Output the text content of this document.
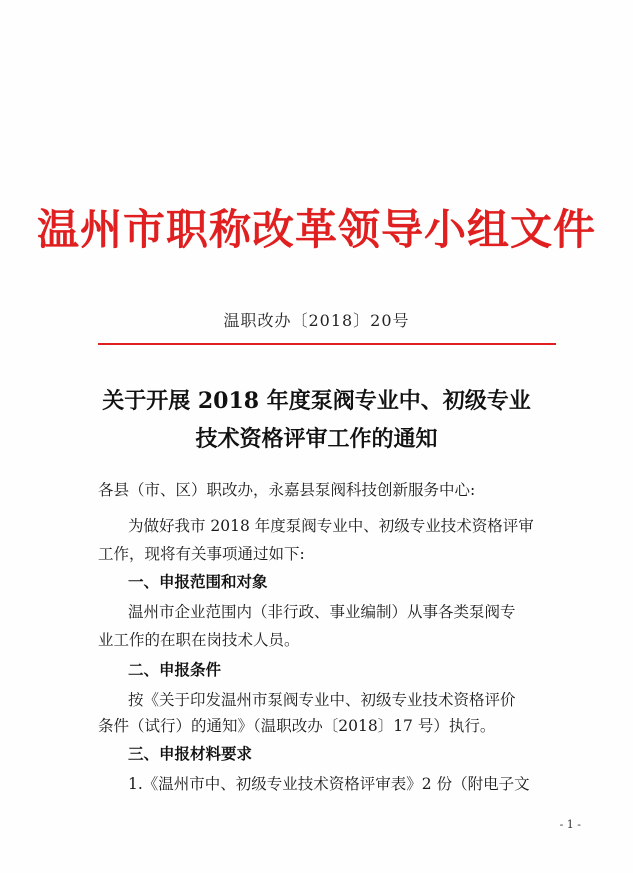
温州市职称改革领导小组文件
温职改办〔2018〕20号
关于开展 2018 年度泵阀专业中、初级专业
技术资格评审工作的通知
各县（市、区）职改办，永嘉县泵阀科技创新服务中心:
为做好我市 2018 年度泵阀专业中、初级专业技术资格评审
工作，现将有关事项通过如下:
一、申报范围和对象
温州市企业范围内（非行政、事业编制）从事各类泵阀专
业工作的在职在岗技术人员。
二、申报条件
按《关于印发温州市泵阀专业中、初级专业技术资格评价
条件（试行）的通知》（温职改办〔2018〕17 号）执行。
三、申报材料要求
1.《温州市中、初级专业技术资格评审表》2 份（附电子文
- 1 -
